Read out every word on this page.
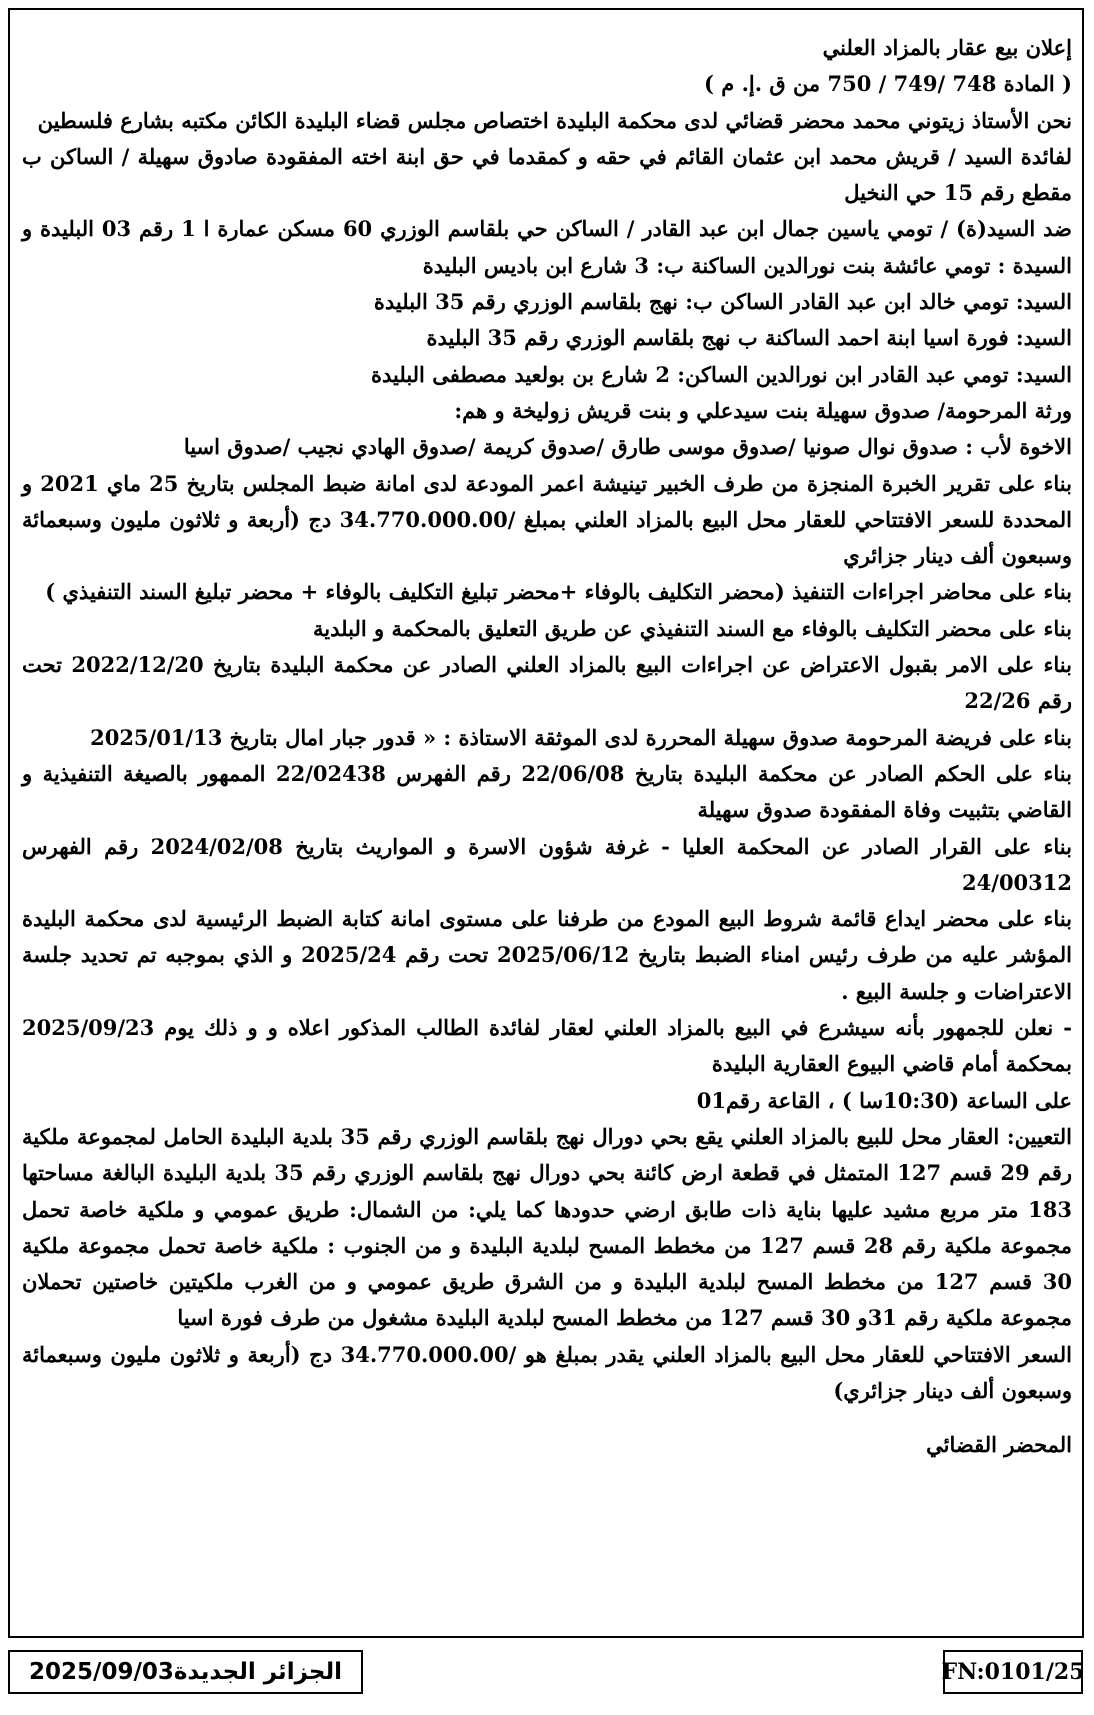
إعلان بيع عقار بالمزاد العلني

( المادة 748 /749 / 750 من ق .إ. م )

نحن الأستاذ زيتوني محمد محضر قضائي لدى محكمة البليدة اختصاص مجلس قضاء البليدة الكائن مكتبه بشارع فلسطين

لفائدة السيد / قريش محمد ابن عثمان القائم في حقه و كمقدما في حق ابنة اخته المفقودة صادوق سهيلة / الساكن ب مقطع رقم 15 حي النخيل

ضد السيد(ة) / تومي ياسين جمال ابن عبد القادر / الساكن حي بلقاسم الوزري 60 مسكن عمارة ا 1 رقم 03 البليدة و السيدة : تومي عائشة بنت نورالدين الساكنة ب: 3 شارع ابن باديس البليدة

السيد: تومي خالد ابن عبد القادر الساكن ب: نهج بلقاسم الوزري رقم 35 البليدة

السيد: فورة اسيا ابنة احمد الساكنة ب نهج بلقاسم الوزري رقم 35 البليدة

السيد: تومي عبد القادر ابن نورالدين الساكن: 2 شارع بن بولعيد مصطفى البليدة

ورثة المرحومة/ صدوق سهيلة بنت سيدعلي و بنت قريش زوليخة و هم:

الاخوة لأب : صدوق نوال صونيا /صدوق موسى طارق /صدوق كريمة /صدوق الهادي نجيب /صدوق اسيا

بناء على تقرير الخبرة المنجزة من طرف الخبير تينيشة اعمر المودعة لدى امانة ضبط المجلس بتاريخ 25 ماي 2021 و المحددة للسعر الافتتاحي للعقار محل البيع بالمزاد العلني بمبلغ /34.770.000.00 دج (أربعة و ثلاثون مليون وسبعمائة وسبعون ألف دينار جزائري

بناء على محاضر اجراءات التنفيذ (محضر التكليف بالوفاء +محضر تبليغ التكليف بالوفاء + محضر تبليغ السند التنفيذي )

بناء على محضر التكليف بالوفاء مع السند التنفيذي عن طريق التعليق بالمحكمة و البلدية

بناء على الامر بقبول الاعتراض عن اجراءات البيع بالمزاد العلني الصادر عن محكمة البليدة بتاريخ 2022/12/20 تحت رقم 22/26

بناء على فريضة المرحومة صدوق سهيلة المحررة لدى الموثقة الاستاذة : « قدور جبار امال بتاريخ 2025/01/13

بناء على الحكم الصادر عن محكمة البليدة بتاريخ 22/06/08 رقم الفهرس 22/02438 الممهور بالصيغة التنفيذية و القاضي بتثبيت وفاة المفقودة صدوق سهيلة

بناء على القرار الصادر عن المحكمة العليا - غرفة شؤون الاسرة و المواريث بتاريخ 2024/02/08 رقم الفهرس 24/00312

بناء على محضر ايداع قائمة شروط البيع المودع من طرفنا على مستوى امانة كتابة الضبط الرئيسية لدى محكمة البليدة المؤشر عليه من طرف رئيس امناء الضبط بتاريخ 2025/06/12 تحت رقم 2025/24 و الذي بموجبه تم تحديد جلسة الاعتراضات و جلسة البيع .

- نعلن للجمهور بأنه سيشرع في البيع بالمزاد العلني لعقار لفائدة الطالب المذكور اعلاه و و ذلك يوم 2025/09/23 بمحكمة أمام قاضي البيوع العقارية البليدة

على الساعة (10:30سا ) ، القاعة رقم01

التعيين: العقار محل للبيع بالمزاد العلني يقع بحي دورال نهج بلقاسم الوزري رقم 35 بلدية البليدة الحامل لمجموعة ملكية رقم 29 قسم 127 المتمثل في قطعة ارض كائنة بحي دورال نهج بلقاسم الوزري رقم 35 بلدية البليدة البالغة مساحتها 183 متر مربع مشيد عليها بناية ذات طابق ارضي حدودها كما يلي: من الشمال: طريق عمومي و ملكية خاصة تحمل مجموعة ملكية رقم 28 قسم 127 من مخطط المسح لبلدية البليدة و من الجنوب : ملكية خاصة تحمل مجموعة ملكية 30 قسم 127 من مخطط المسح لبلدية البليدة و من الشرق طريق عمومي و من الغرب ملكيتين خاصتين تحملان مجموعة ملكية رقم 31و 30 قسم 127 من مخطط المسح لبلدية البليدة مشغول من طرف فورة اسيا

السعر الافتتاحي للعقار محل البيع بالمزاد العلني يقدر بمبلغ هو /34.770.000.00 دج (أربعة و ثلاثون مليون وسبعمائة وسبعون ألف دينار جزائري)

المحضر القضائي

الجزائر الجديدة2025/09/03	FN:0101/25
